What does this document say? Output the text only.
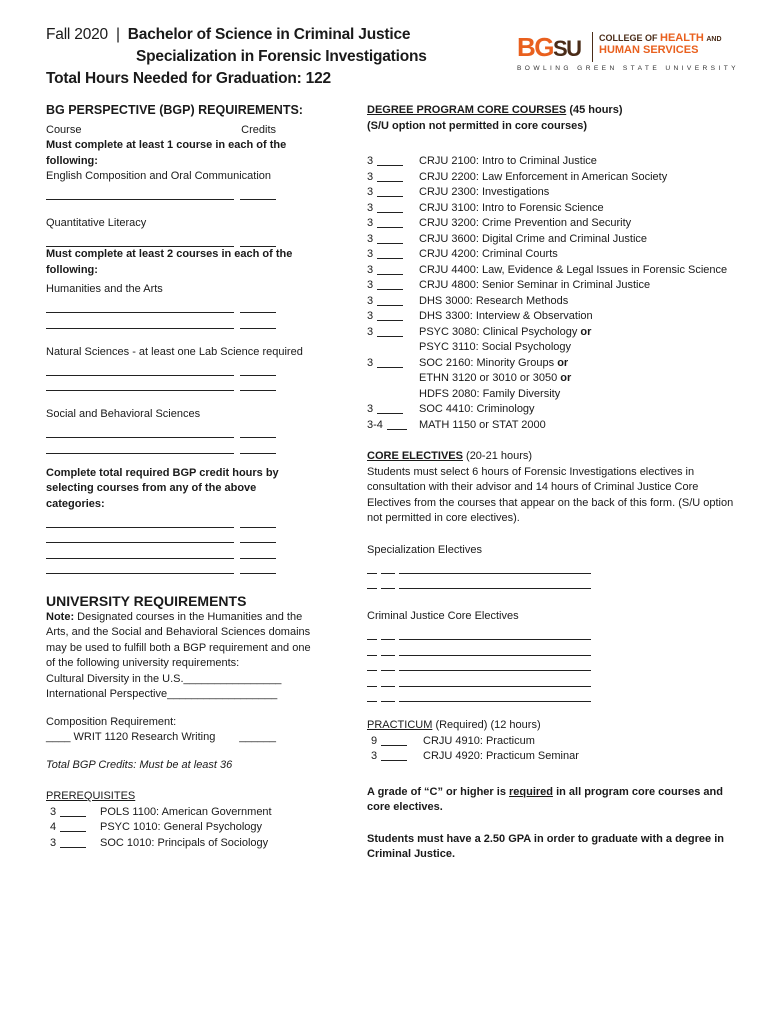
Fall 2020 | Bachelor of Science in Criminal Justice
Specialization in Forensic Investigations
Total Hours Needed for Graduation: 122
BGSU COLLEGE OF HEALTH AND
HUMAN SERVICES
BOWLING GREEN STATE UNIVERSITY
BG PERSPECTIVE (BGP) REQUIREMENTS:
Course	Credits
Must complete at least 1 course in each of the following:
English Composition and Oral Communication
Quantitative Literacy
Must complete at least 2 courses in each of the following:
Humanities and the Arts
Natural Sciences - at least one Lab Science required
Social and Behavioral Sciences
Complete total required BGP credit hours by selecting courses from any of the above categories:
UNIVERSITY REQUIREMENTS
Note: Designated courses in the Humanities and the Arts, and the Social and Behavioral Sciences domains may be used to fulfill both a BGP requirement and one of the following university requirements:
Cultural Diversity in the U.S.________________
International Perspective__________________
Composition Requirement:
____ WRIT 1120 Research Writing ______
Total BGP Credits: Must be at least 36
PREREQUISITES
3	POLS 1100: American Government
4	PSYC 1010: General Psychology
3	SOC 1010: Principals of Sociology
DEGREE PROGRAM CORE COURSES (45 hours)
(S/U option not permitted in core courses)
3	CRJU 2100: Intro to Criminal Justice
3	CRJU 2200: Law Enforcement in American Society
3	CRJU 2300: Investigations
3	CRJU 3100: Intro to Forensic Science
3	CRJU 3200: Crime Prevention and Security
3	CRJU 3600: Digital Crime and Criminal Justice
3	CRJU 4200: Criminal Courts
3	CRJU 4400: Law, Evidence & Legal Issues in Forensic Science
3	CRJU 4800: Senior Seminar in Criminal Justice
3	DHS 3000: Research Methods
3	DHS 3300: Interview & Observation
3	PSYC 3080: Clinical Psychology or
PSYC 3110: Social Psychology
3	SOC 2160: Minority Groups or
ETHN 3120 or 3010 or 3050 or
HDFS 2080: Family Diversity
3	SOC 4410: Criminology
3-4	MATH 1150 or STAT 2000
CORE ELECTIVES (20-21 hours)
Students must select 6 hours of Forensic Investigations electives in consultation with their advisor and 14 hours of Criminal Justice Core Electives from the courses that appear on the back of this form. (S/U option not permitted in core electives).
Specialization Electives
Criminal Justice Core Electives
PRACTICUM (Required) (12 hours)
9	CRJU 4910: Practicum
3	CRJU 4920: Practicum Seminar
A grade of “C” or higher is required in all program core courses and core electives.
Students must have a 2.50 GPA in order to graduate with a degree in Criminal Justice.
